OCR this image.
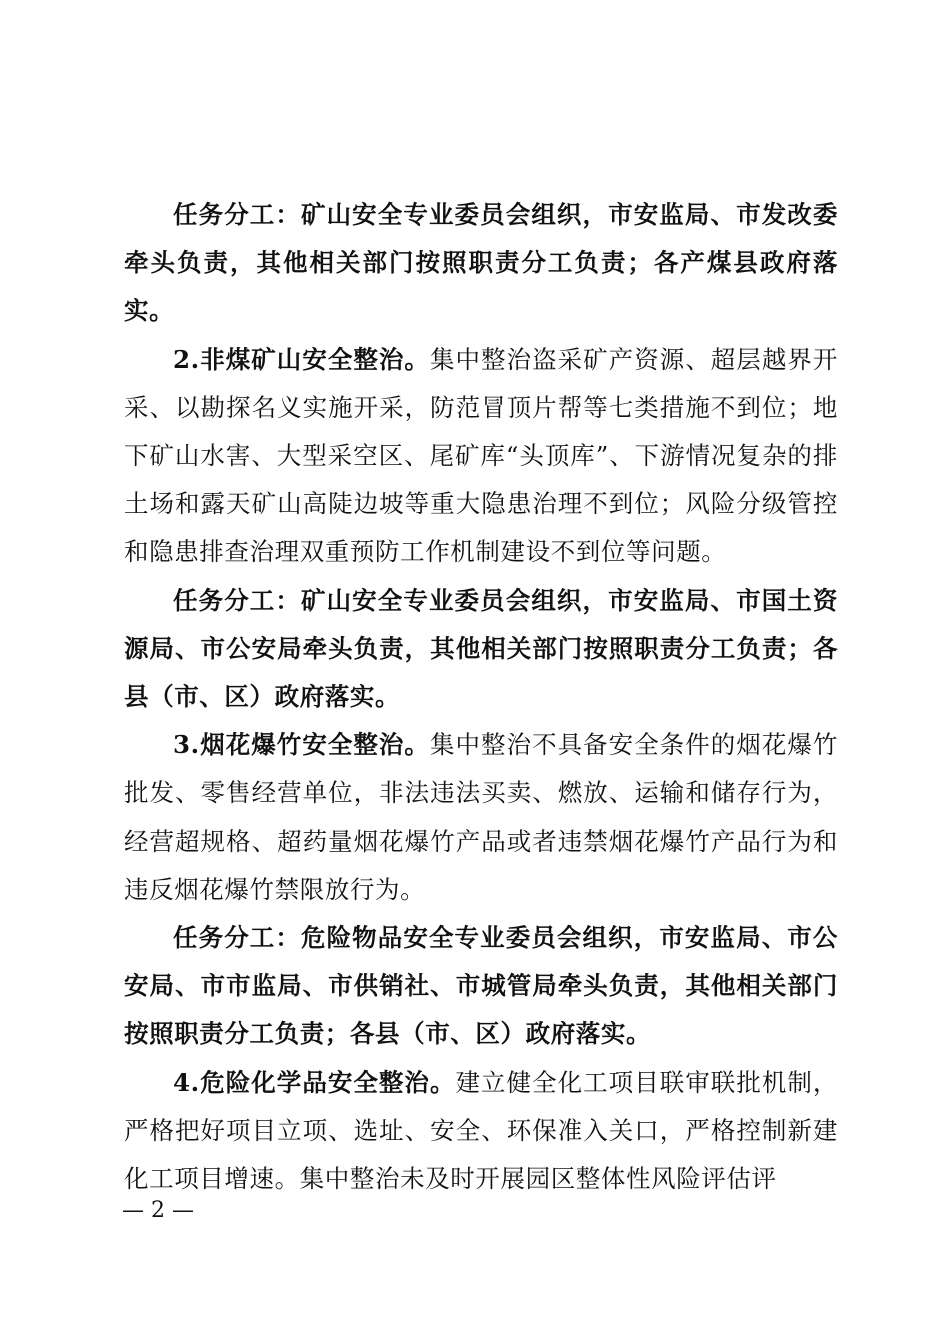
任务分工：矿山安全专业委员会组织，市安监局、市发改委牵头负责，其他相关部门按照职责分工负责；各产煤县政府落实。

2.非煤矿山安全整治。集中整治盗采矿产资源、超层越界开采、以勘探名义实施开采，防范冒顶片帮等七类措施不到位；地下矿山水害、大型采空区、尾矿库“头顶库”、下游情况复杂的排土场和露天矿山高陡边坡等重大隐患治理不到位；风险分级管控和隐患排查治理双重预防工作机制建设不到位等问题。

任务分工：矿山安全专业委员会组织，市安监局、市国土资源局、市公安局牵头负责，其他相关部门按照职责分工负责；各县（市、区）政府落实。

3.烟花爆竹安全整治。集中整治不具备安全条件的烟花爆竹批发、零售经营单位，非法违法买卖、燃放、运输和储存行为，经营超规格、超药量烟花爆竹产品或者违禁烟花爆竹产品行为和违反烟花爆竹禁限放行为。

任务分工：危险物品安全专业委员会组织，市安监局、市公安局、市市监局、市供销社、市城管局牵头负责，其他相关部门按照职责分工负责；各县（市、区）政府落实。

4.危险化学品安全整治。建立健全化工项目联审联批机制，严格把好项目立项、选址、安全、环保准入关口，严格控制新建化工项目增速。集中整治未及时开展园区整体性风险评估评

— 2 —
